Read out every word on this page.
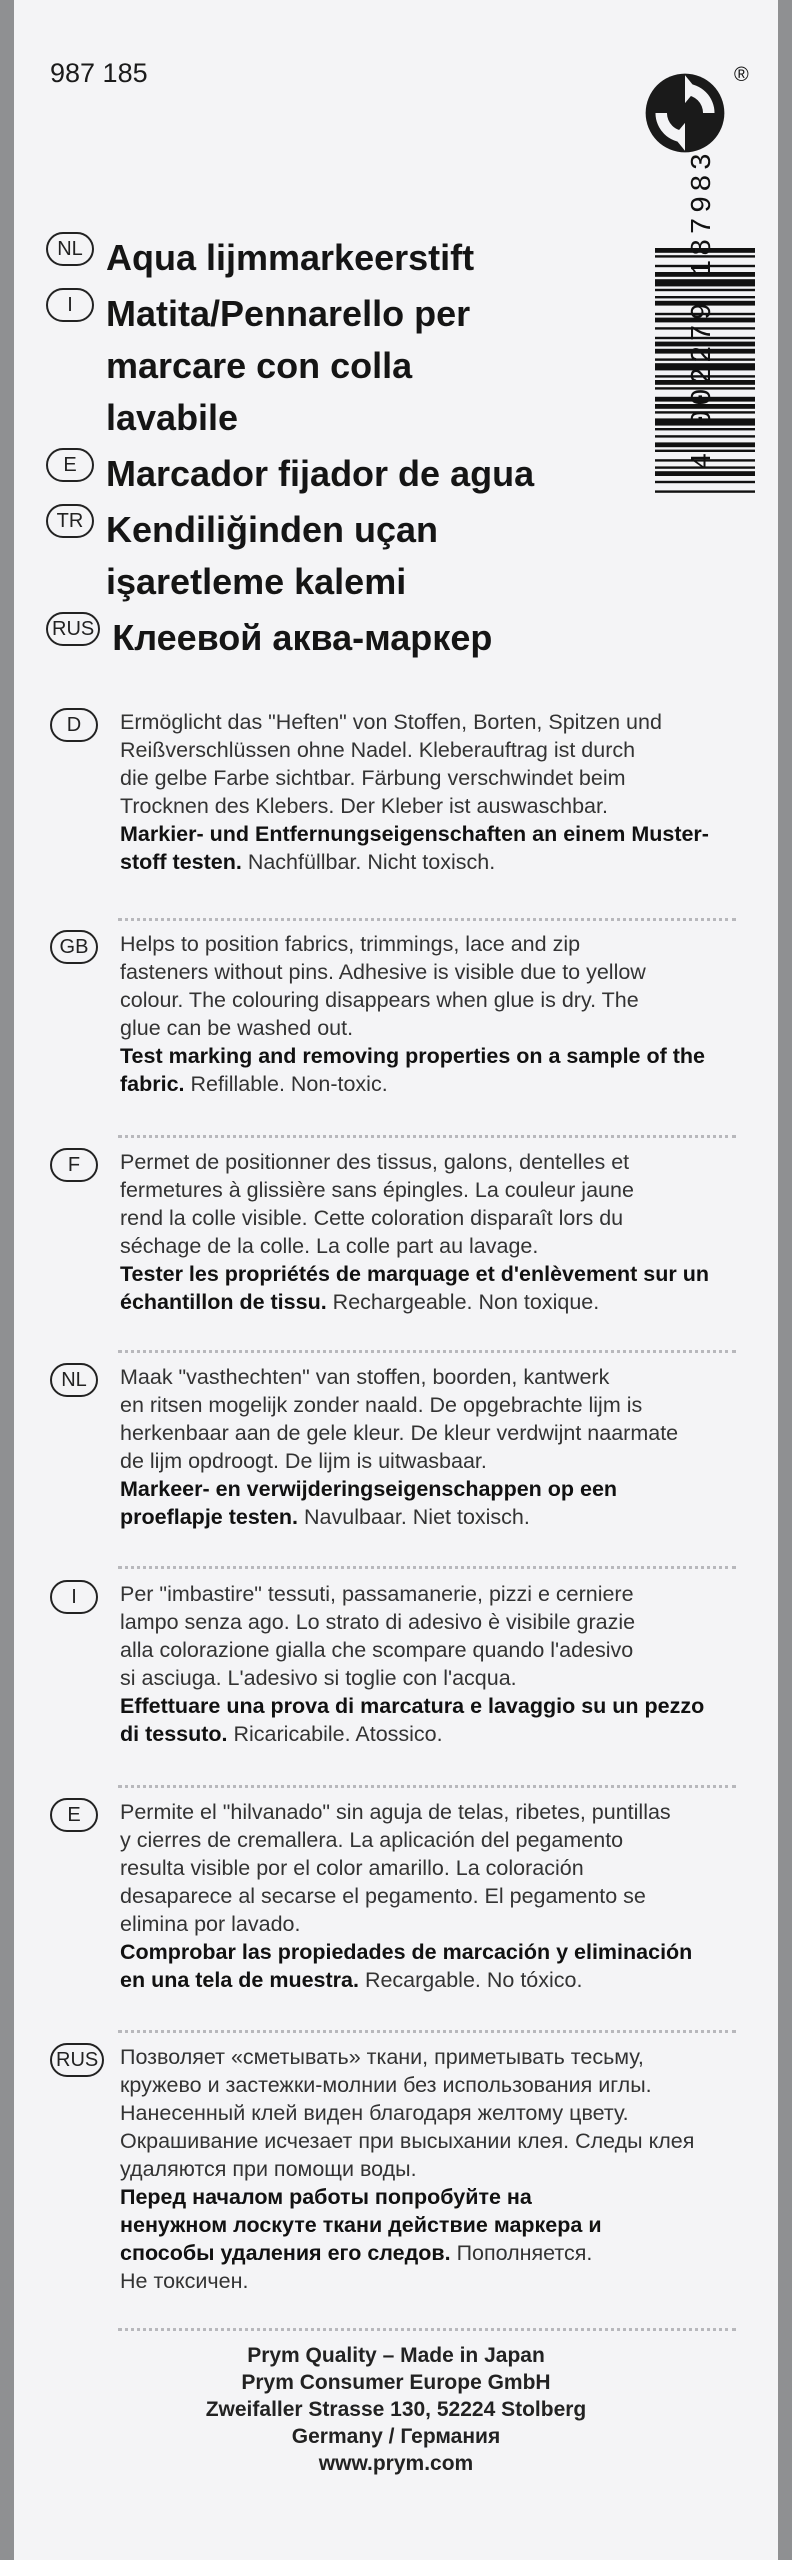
987 185	®
NL Aqua lijmmarkeerstift
I Matita/Pennarello per
marcare con colla
lavabile
E Marcador fijador de agua
TR Kendiliğinden uçan
işaretleme kalemi
RUS Клеевой аква-маркер
4 002279 187983
D	Ermöglicht das "Heften" von Stoffen, Borten, Spitzen und
Reißverschlüssen ohne Nadel. Kleberauftrag ist durch
die gelbe Farbe sichtbar. Färbung verschwindet beim
Trocknen des Klebers. Der Kleber ist auswaschbar.
Markier- und Entfernungseigenschaften an einem Muster-
stoff testen. Nachfüllbar. Nicht toxisch.
GB	Helps to position fabrics, trimmings, lace and zip
fasteners without pins. Adhesive is visible due to yellow
colour. The colouring disappears when glue is dry. The
glue can be washed out.
Test marking and removing properties on a sample of the
fabric. Refillable. Non-toxic.
F	Permet de positionner des tissus, galons, dentelles et
fermetures à glissière sans épingles. La couleur jaune
rend la colle visible. Cette coloration disparaît lors du
séchage de la colle. La colle part au lavage.
Tester les propriétés de marquage et d'enlèvement sur un
échantillon de tissu. Rechargeable. Non toxique.
NL	Maak "vasthechten" van stoffen, boorden, kantwerk
en ritsen mogelijk zonder naald. De opgebrachte lijm is
herkenbaar aan de gele kleur. De kleur verdwijnt naarmate
de lijm opdroogt. De lijm is uitwasbaar.
Markeer- en verwijderingseigenschappen op een
proeflapje testen. Navulbaar. Niet toxisch.
I	Per "imbastire" tessuti, passamanerie, pizzi e cerniere
lampo senza ago. Lo strato di adesivo è visibile grazie
alla colorazione gialla che scompare quando l'adesivo
si asciuga. L'adesivo si toglie con l'acqua.
Effettuare una prova di marcatura e lavaggio su un pezzo
di tessuto. Ricaricabile. Atossico.
E	Permite el "hilvanado" sin aguja de telas, ribetes, puntillas
y cierres de cremallera. La aplicación del pegamento
resulta visible por el color amarillo. La coloración
desaparece al secarse el pegamento. El pegamento se
elimina por lavado.
Comprobar las propiedades de marcación y eliminación
en una tela de muestra. Recargable. No tóxico.
RUS Позволяет «сметывать» ткани, приметывать тесьму,
кружево и застежки-молнии без использования иглы.
Нанесенный клей виден благодаря желтому цвету.
Окрашивание исчезает при высыхании клея. Следы клея
удаляются при помощи воды.
Перед началом работы попробуйте на
ненужном лоскуте ткани действие маркера и
способы удаления его следов. Пополняется.
Не токсичен.
Prym Quality – Made in Japan
Prym Consumer Europe GmbH
Zweifaller Strasse 130, 52224 Stolberg
Germany / Германия
www.prym.com
